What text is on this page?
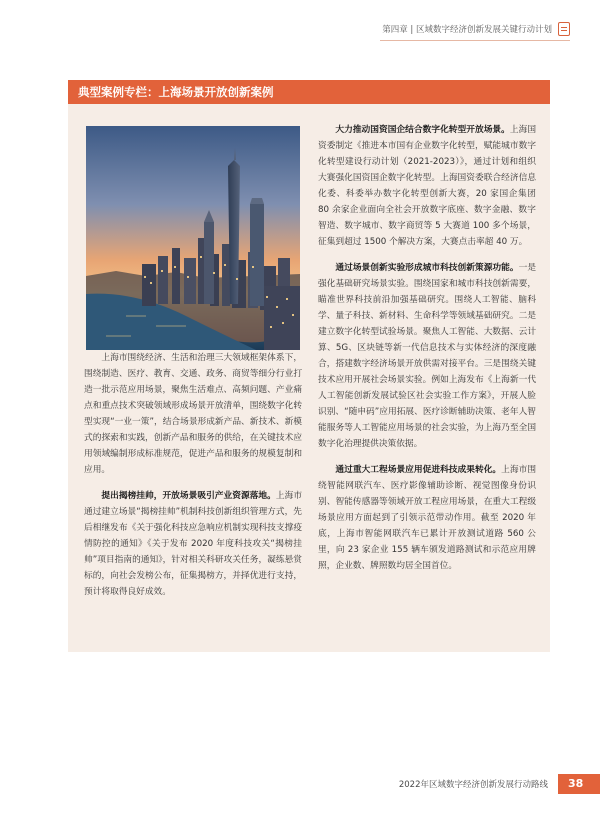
第四章 | 区域数字经济创新发展关键行动计划
典型案例专栏：上海场景开放创新案例

上海市围绕经济、生活和治理三大领域框架体系下，围绕制造、医疗、教育、交通、政务、商贸等细分行业打造一批示范应用场景，聚焦生活难点、高频问题、产业痛点和重点技术突破领域形成场景开放清单，围绕数字化转型实现“一业一策”，结合场景形成新产品、新技术、新模式的探索和实践，创新产品和服务的供给，在关键技术应用领域编制形成标准规范，促进产品和服务的规模复制和应用。

提出揭榜挂帅，开放场景吸引产业资源落地。上海市通过建立场景“揭榜挂帅”机制科技创新组织管理方式，先后相继发布《关于强化科技应急响应机制实现科技支撑疫情防控的通知》《关于发布 2020 年度科技攻关“揭榜挂帅”项目指南的通知》，针对相关科研攻关任务，凝练悬赏标的，向社会发榜公布，征集揭榜方，并择优进行支持，预计将取得良好成效。

大力推动国资国企结合数字化转型开放场景。上海国资委制定《推进本市国有企业数字化转型，赋能城市数字化转型建设行动计划（2021-2023）》，通过计划和组织大赛强化国资国企数字化转型。上海国资委联合经济信息化委、科委举办数字化转型创新大赛，20 家国企集团 80 余家企业面向全社会开放数字底座、数字金融、数字智造、数字城市、数字商贸等 5 大赛道 100 多个场景，征集到超过 1500 个解决方案，大赛点击率超 40 万。

通过场景创新实验形成城市科技创新策源功能。一是强化基础研究场景实验。围绕国家和城市科技创新需要，瞄准世界科技前沿加强基础研究。围绕人工智能、脑科学、量子科技、新材料、生命科学等领域基础研究。二是建立数字化转型试验场景。聚焦人工智能、大数据、云计算、5G、区块链等新一代信息技术与实体经济的深度融合，搭建数字经济场景开放供需对接平台。三是围绕关键技术应用开展社会场景实验。例如上海发布《上海新一代人工智能创新发展试验区社会实验工作方案》，开展人脸识别、“随申码”应用拓展、医疗诊断辅助决策、老年人智能服务等人工智能应用场景的社会实验，为上海乃至全国数字化治理提供决策依据。

通过重大工程场景应用促进科技成果转化。上海市围绕智能网联汽车、医疗影像辅助诊断、视觉图像身份识别、智能传感器等领域开放工程应用场景，在重大工程级场景应用方面起到了引领示范带动作用。截至 2020 年底，上海市智能网联汽车已累计开放测试道路 560 公里，向 23 家企业 155 辆车颁发道路测试和示范应用牌照，企业数、牌照数均居全国首位。

2022年区域数字经济创新发展行动路线	38
